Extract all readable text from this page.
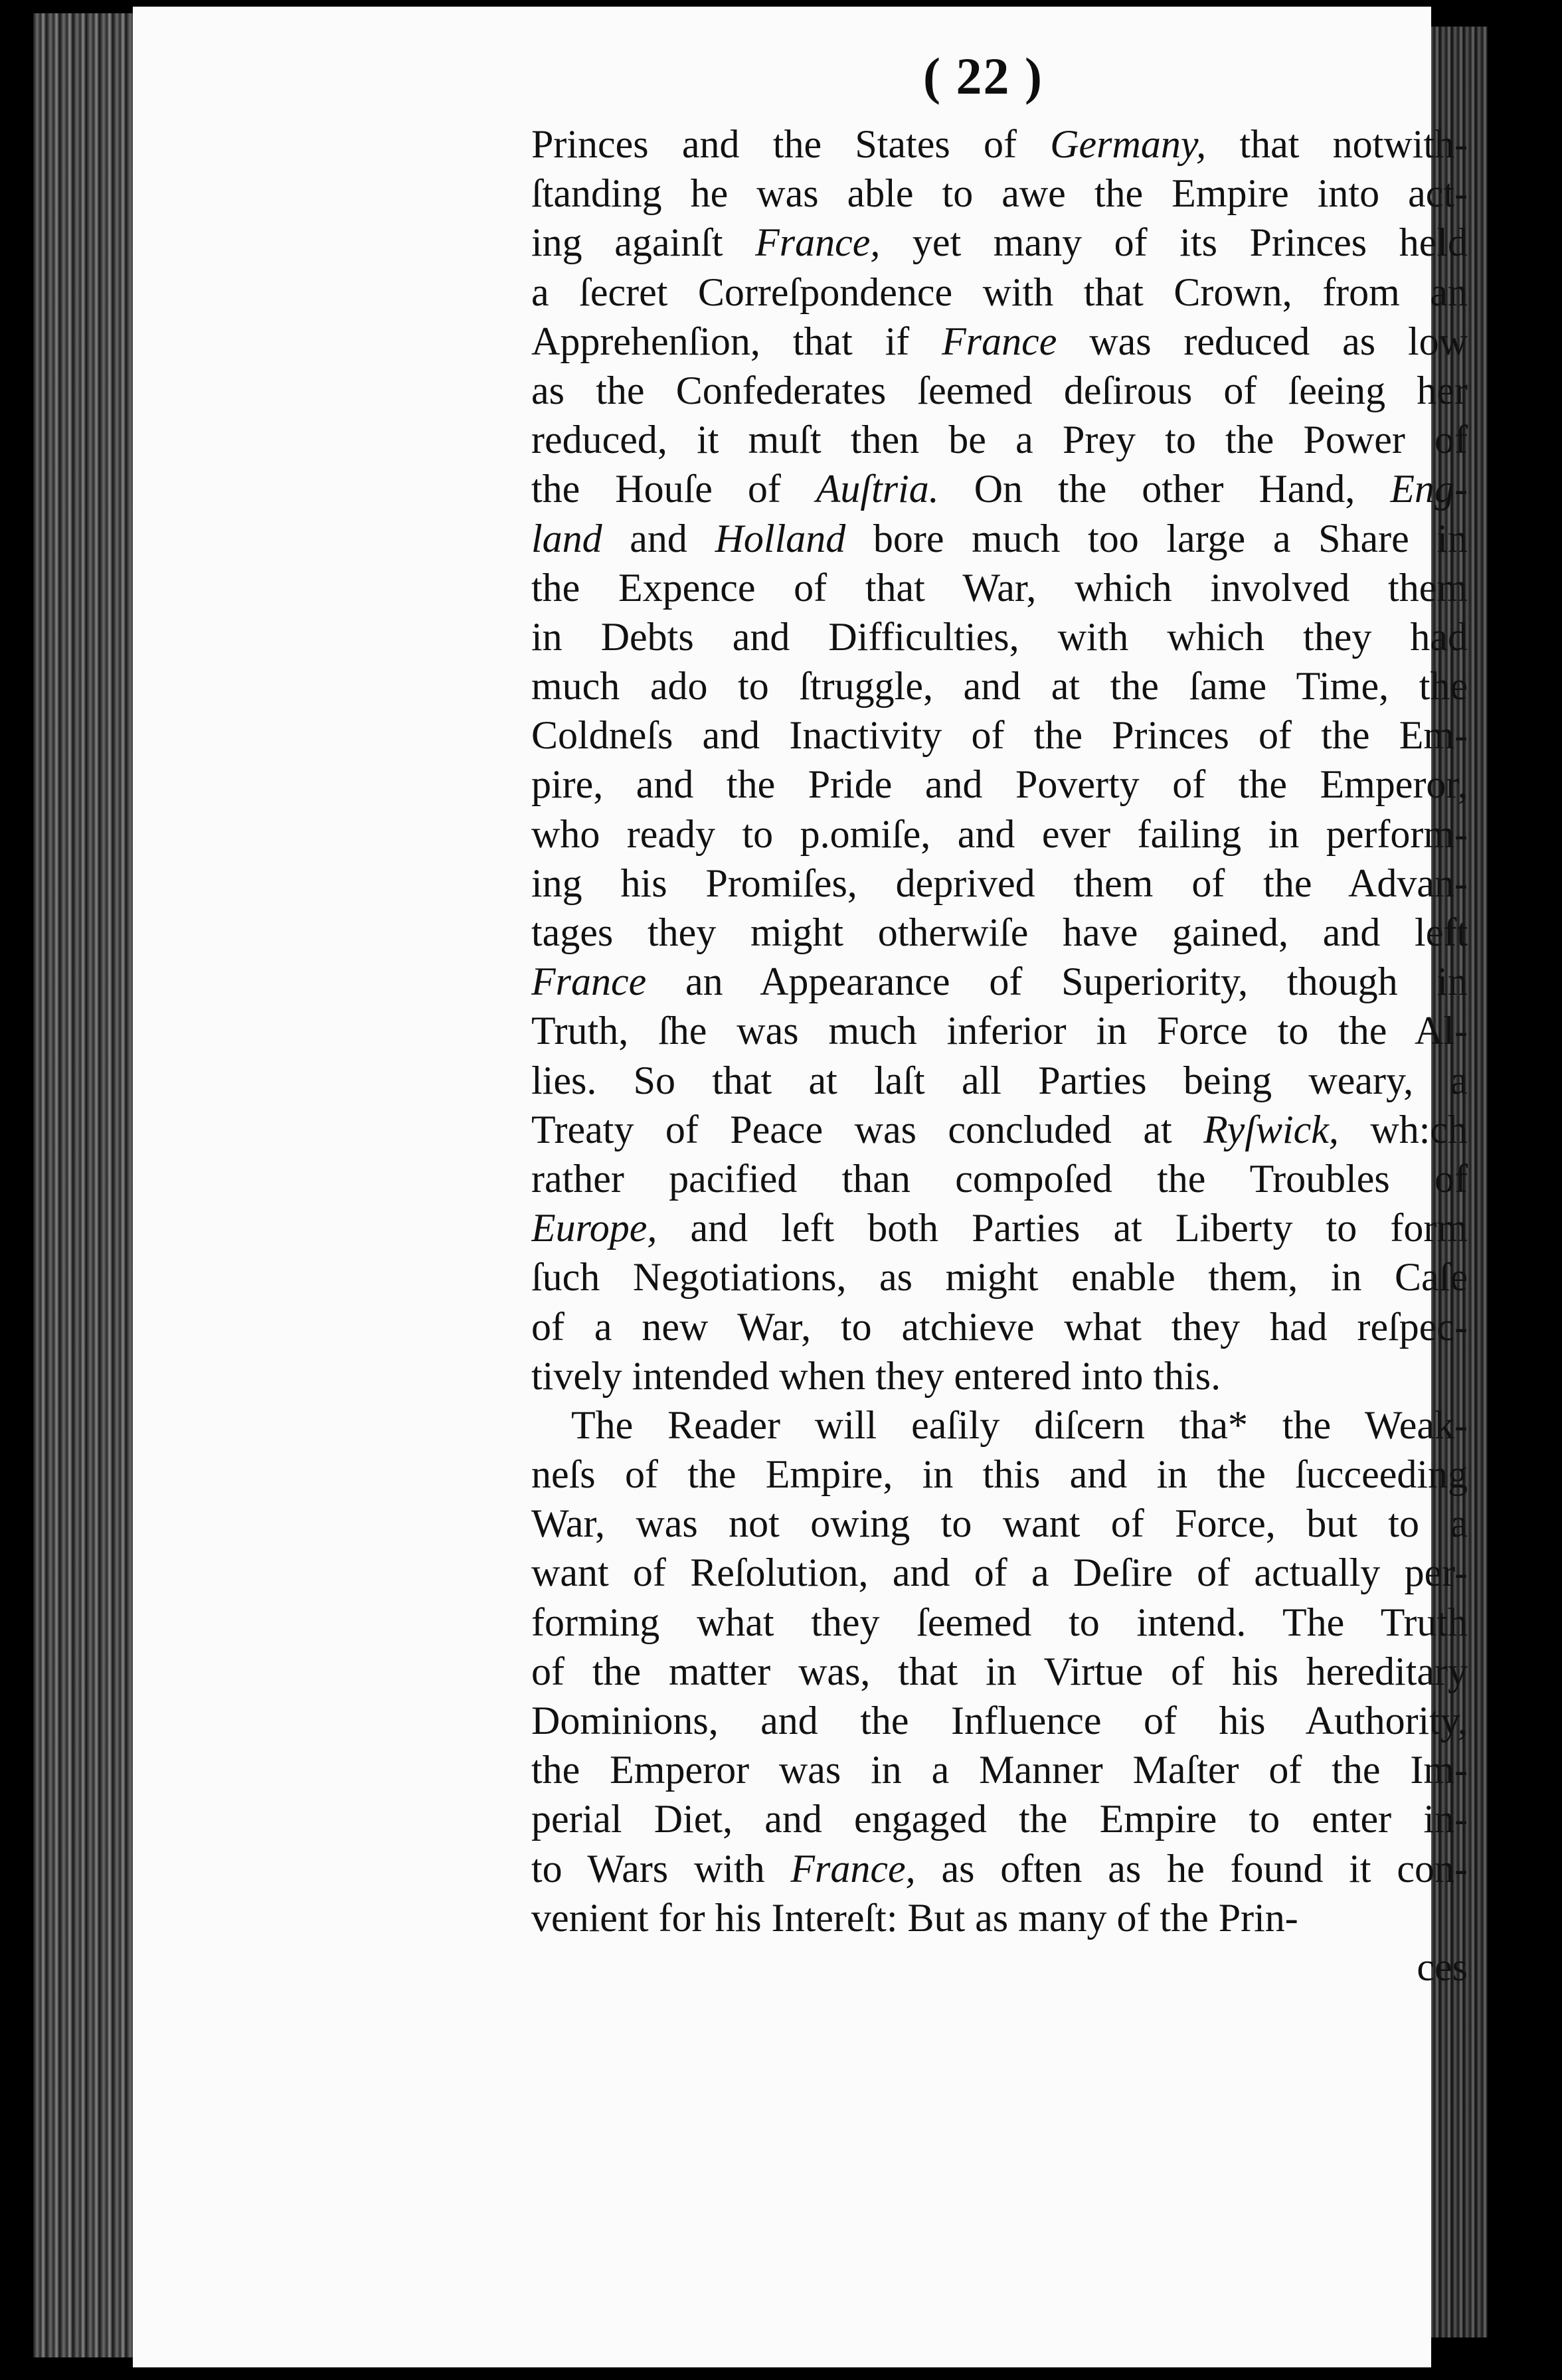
( 22 )
Princes and the States of Germany, that notwith-
ſtanding he was able to awe the Empire into act-
ing againſt France, yet many of its Princes held
a ſecret Correſpondence with that Crown, from an
Apprehenſion, that if France was reduced as low
as the Confederates ſeemed deſirous of ſeeing her
reduced, it muſt then be a Prey to the Power of
the Houſe of Auſtria. On the other Hand, Eng-
land and Holland bore much too large a Share in
the Expence of that War, which involved them
in Debts and Difficulties, with which they had
much ado to ſtruggle, and at the ſame Time, the
Coldneſs and Inactivity of the Princes of the Em-
pire, and the Pride and Poverty of the Emperor,
who ready to p.omiſe, and ever failing in perform-
ing his Promiſes, deprived them of the Advan-
tages they might otherwiſe have gained, and left
France an Appearance of Superiority, though in
Truth, ſhe was much inferior in Force to the Al-
lies. So that at laſt all Parties being weary, a
Treaty of Peace was concluded at Ryſwick, wh:ch
rather pacified than compoſed the Troubles of
Europe, and left both Parties at Liberty to form
ſuch Negotiations, as might enable them, in Caſe
of a new War, to atchieve what they had reſpec-
tively intended when they entered into this.
The Reader will eaſily diſcern tha* the Weak-
neſs of the Empire, in this and in the ſucceeding
War, was not owing to want of Force, but to a
want of Reſolution, and of a Deſire of actually per-
forming what they ſeemed to intend. The Truth
of the matter was, that in Virtue of his hereditary
Dominions, and the Influence of his Authority,
the Emperor was in a Manner Maſter of the Im-
perial Diet, and engaged the Empire to enter in-
to Wars with France, as often as he found it con-
venient for his Intereſt: But as many of the Prin-
ces
